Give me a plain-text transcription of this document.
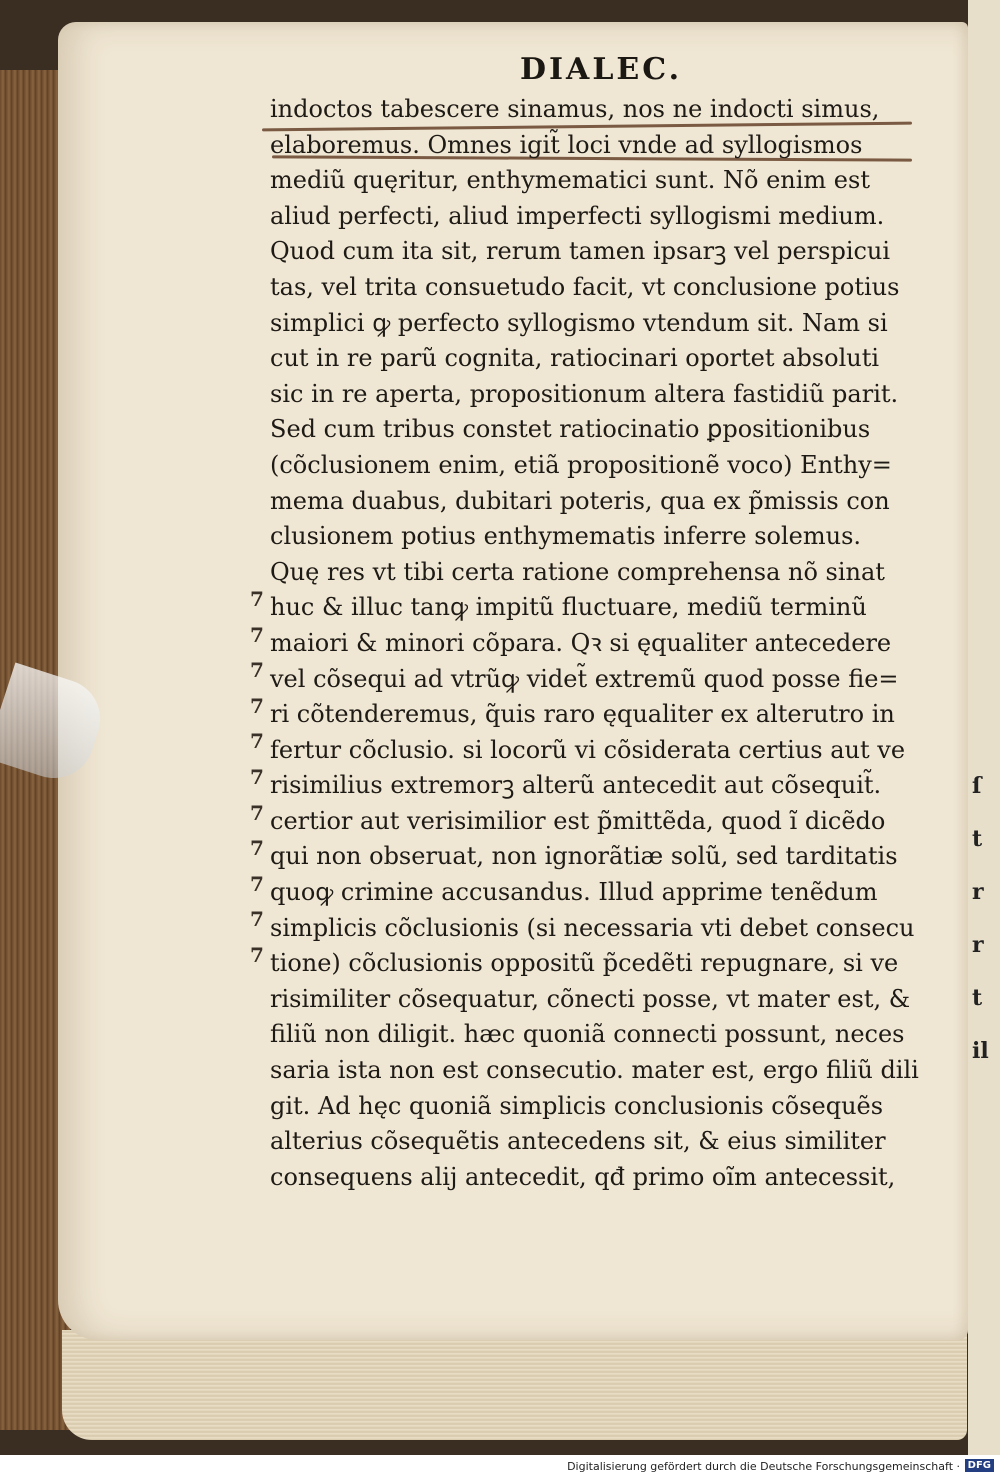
ſ
t
r
r
t
il
DIALEC.
indoctos tabescere sinamus, nos ne indocti simus,
elaboremus. Omnes igit̃ loci vnde ad syllogismos
mediũ quęritur, enthymematici sunt. Nõ enim est
aliud perfecti, aliud imperfecti syllogismi medium.
Quod cum ita sit, rerum tamen ipsarꝫ vel perspicui
tas, vel trita consuetudo facit, vt conclusione potius
simplici ꝙ perfecto syllogismo vtendum sit. Nam si
cut in re parũ cognita, ratiocinari oportet absoluti
sic in re aperta, propositionum altera fastidiũ parit.
Sed cum tribus constet ratiocinatio ꝑpositionibus
(cõclusionem enim, etiã propositionẽ voco) Enthy=
mema duabus, dubitari poteris, qua ex p̃missis con
clusionem potius enthymematis inferre solemus.
Quę res vt tibi certa ratione comprehensa nõ sinat
huc & illuc tanꝙ impitũ fluctuare, mediũ terminũ
maiori & minori cõpara. Qꝛ si ęqualiter antecedere
vel cõsequi ad vtrũꝙ videt̃ extremũ quod posse fie=
ri cõtenderemus, q̃uis raro ęqualiter ex alterutro in
fertur cõclusio. si locorũ vi cõsiderata certius aut ve
risimilius extremorꝫ alterũ antecedit aut cõsequit̃.
certior aut verisimilior est p̃mittẽda, quod ĩ dicẽdo
qui non obseruat, non ignorãtiæ solũ, sed tarditatis
quoꝙ crimine accusandus. Illud apprime tenẽdum
simplicis cõclusionis (si necessaria vti debet consecu
tione) cõclusionis oppositũ p̃cedẽti repugnare, si ve
risimiliter cõsequatur, cõnecti posse, vt mater est, &
filiũ non diligit. hæc quoniã connecti possunt, neces
saria ista non est consecutio. mater est, ergo filiũ dili
git. Ad hęc quoniã simplicis conclusionis cõsequẽs
alterius cõsequẽtis antecedens sit, & eius similiter
consequens alij antecedit, qđ primo oĩm antecessit,
7
7
7
7
7
7
7
7
7
7
7
Digitalisierung gefördert durch die Deutsche Forschungsgemeinschaft · DFG
